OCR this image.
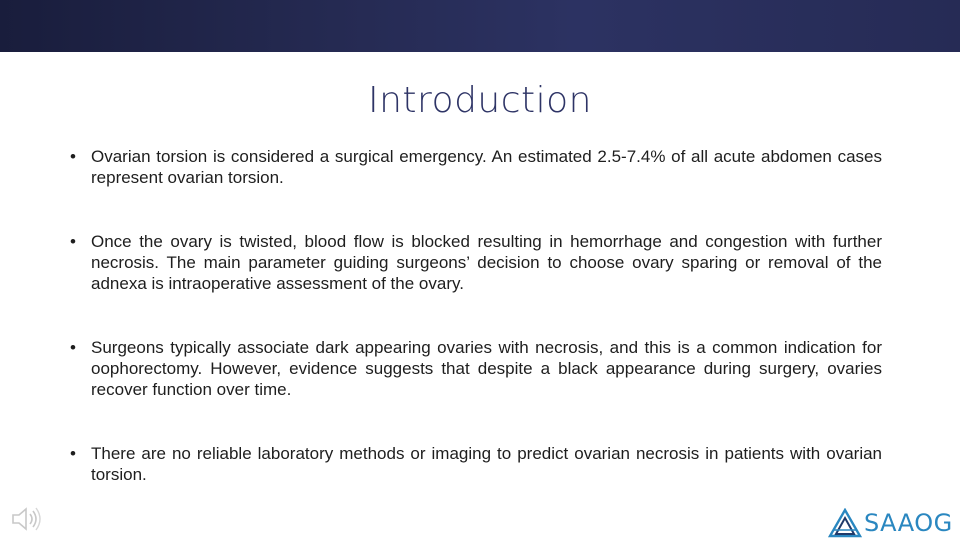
Introduction
• Ovarian torsion is considered a surgical emergency. An estimated 2.5-7.4% of all acute abdomen cases represent ovarian torsion.
• Once the ovary is twisted, blood flow is blocked resulting in hemorrhage and congestion with further necrosis. The main parameter guiding surgeons’ decision to choose ovary sparing or removal of the adnexa is intraoperative assessment of the ovary.
• Surgeons typically associate dark appearing ovaries with necrosis, and this is a common indication for oophorectomy. However, evidence suggests that despite a black appearance during surgery, ovaries recover function over time.
• There are no reliable laboratory methods or imaging to predict ovarian necrosis in patients with ovarian torsion.
SAAOG
